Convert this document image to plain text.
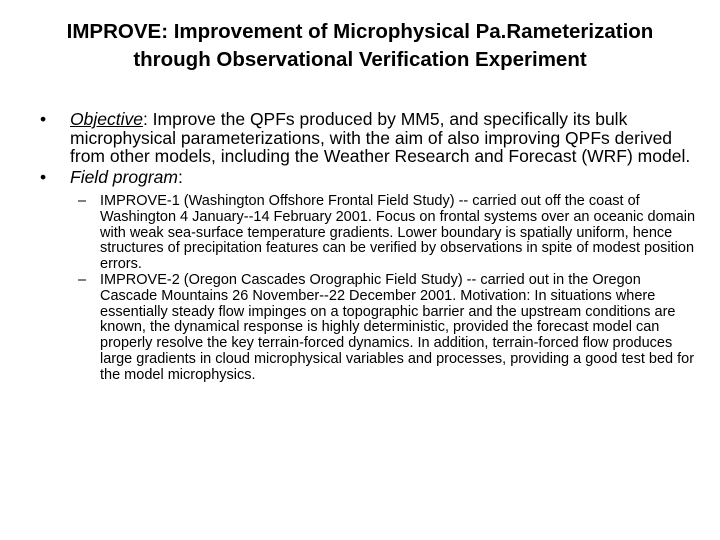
IMPROVE: Improvement of Microphysical Pa.Rameterization
through Observational Verification Experiment
• Objective: Improve the QPFs produced by MM5, and specifically its bulk microphysical parameterizations, with the aim of also improving QPFs derived from other models, including the Weather Research and Forecast (WRF) model.
• Field program:
– IMPROVE-1 (Washington Offshore Frontal Field Study) -- carried out off the coast of Washington 4 January--14 February 2001. Focus on frontal systems over an oceanic domain with weak sea-surface temperature gradients. Lower boundary is spatially uniform, hence structures of precipitation features can be verified by observations in spite of modest position errors.
– IMPROVE-2 (Oregon Cascades Orographic Field Study) -- carried out in the Oregon Cascade Mountains 26 November--22 December 2001. Motivation: In situations where essentially steady flow impinges on a topographic barrier and the upstream conditions are known, the dynamical response is highly deterministic, provided the forecast model can properly resolve the key terrain-forced dynamics. In addition, terrain-forced flow produces large gradients in cloud microphysical variables and processes, providing a good test bed for the model microphysics.
